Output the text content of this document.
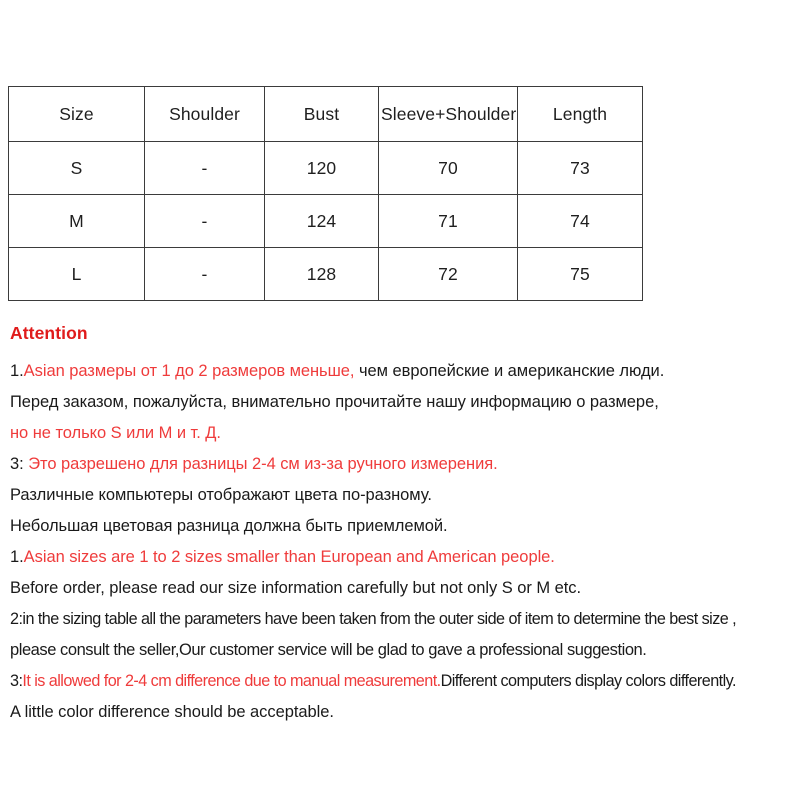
Size	Shoulder	Bust	Sleeve+Shoulder	Length
S	-	120	70	73
M	-	124	71	74
L	-	128	72	75
Attention
1.Asian размеры от 1 до 2 размеров меньше, чем европейские и американские люди.
Перед заказом, пожалуйста, внимательно прочитайте нашу информацию о размере,
но не только S или М и т. Д.
3: Это разрешено для разницы 2-4 см из-за ручного измерения.
Различные компьютеры отображают цвета по-разному.
Небольшая цветовая разница должна быть приемлемой.
1.Asian sizes are 1 to 2 sizes smaller than European and American people.
Before order, please read our size information carefully but not only S or M etc.
2:in the sizing table all the parameters have been taken from the outer side of item to determine the best size ,
please consult the seller,Our customer service will be glad to gave a professional suggestion.
3:It is allowed for 2-4 cm difference due to manual measurement.Different computers display colors differently.
A little color difference should be acceptable.
